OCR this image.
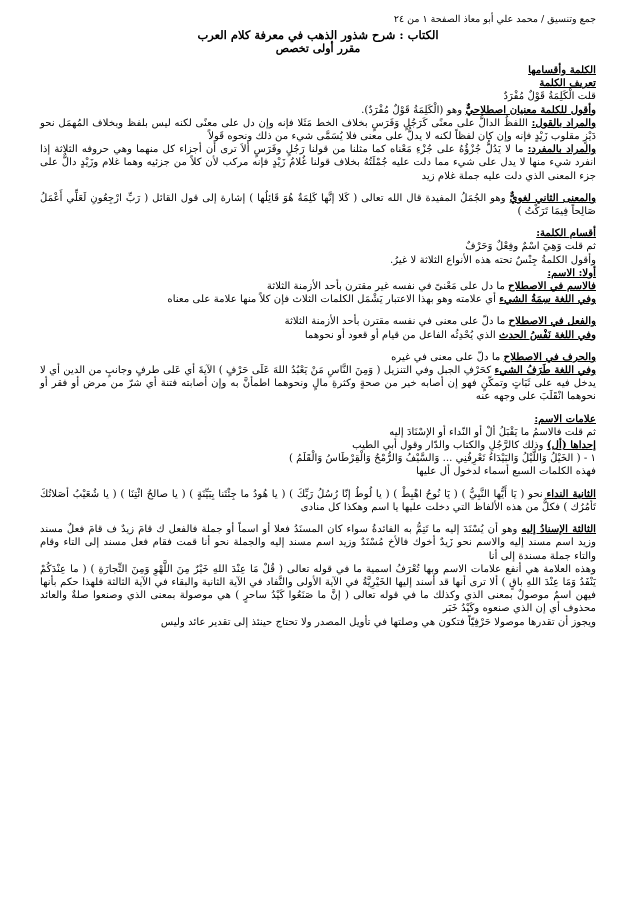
جمع وتنسيق / محمد علي أبو معاذ الصفحة ١ من ٢٤
الكتاب : شرح شذور الذهب في معرفة كلام العرب
مقرر أولى تخصص
الكلمة وأقسامها
تعريف الكلمة
قلت الْكَلِمَةُ قَوْلٌ مُفْرَدٌ
وأقول للكلمة معنيان اصطلاحيٌّ وهو (الْكَلِمَةُ قَوْلٌ مُفْرَدٌ).
والمراد بالقول: اللفظُ الدالُّ على معنًى كَرَجُلٍ وَفَرَسٍ بخلاف الخط مَثَلا فإنه وإن دل على معنًى لكنه ليس بلفظ وبخلاف المُهمَل نحو دَيْزٍ مقلوب زَيْدٍ فإنه وإن كان لفظاً لكنه لا يدلُّ على معنى فلا يُسَمَّى شيء من ذلك ونحوه قَولاً
والمراد بالمفرد: ما لا يَدُلُّ جُزْؤُهُ على جُزْءِ مَعْناه كما مثلنا من قولنا رَجُلٍ وفَرَسٍ ألاَ ترى أن أجزاء كل منهما وهي حروفه الثلاثة إذا انفرد شيء منها لا يدل على شيء مما دلت عليه جُمْلَتُهُ بخلاف قولنا غُلامُ زَيْدٍ فإنه مركب لأن كلاً من جزئيه وهما غلام وزَيْدٍ دالٌّ على جزء المعنى الذي دلت عليه جملة غلام زيد
والمعنى الثاني لغويٌّ وهو الجُمَلُ المفيدة قال الله تعالى ( كَلا إنَّها كَلِمَةٌ هُوَ قَائِلُها ) إشارة إلى قول القائل ( رَبِّ ارْجِعُونِ لَعَلِّي أَعْمَلُ صَالِحاً فِيمَا تَرَكْتُ )
أقسام الكلمة:
ثم قلت وَهِيَ اسْمٌ وفِعْلٌ وَحَرْفٌ
وأقول الكلمةُ جِنْسٌ تحته هذه الأنواع الثلاثة لا غيرُ.
أولا: الاسم:
فالاسم في الاصطلاح ما دل على مَعْنىً في نفسه غير مقترن بأحد الأزمنة الثلاثة
وفي اللغة سِمَةُ الشيء أي علامته وهو بهذا الاعتبار يَشْمَل الكلمات الثلاث فإن كلاً منها علامة على معناه
والفعل في الاصطلاح ما دلّ على معنى في نفسه مقترن بأحد الأزمنة الثلاثة
وفي اللغة نَفْسُ الحدث الذي يُحْدِثُه الفاعل من قيام أو قعود أو نحوهما
والحرف في الاصطلاح ما دلّ على معنى في غيره
وفي اللغة طَرَفُ الشيء كحَرْفِ الجبل وفي التنزيل ( وَمِنَ النَّاسِ مَنْ يَعْبُدُ اللهَ عَلَى حَرْفٍ ) الآيةَ أي عَلى طرفٍ وجانبٍ من الدين أي لا يدخل فيه على ثَبَاتٍ وتمكّنٍ فهو إن أصابه خير من صحةٍ وكثرةِ مالٍ ونحوهما اطمأنَّ به وإن أصابته فتنة أي شرّ من مرض أو فقر أو نحوهما انْقَلَبَ على وجهه عنه
علامات الاسم:
ثم قلت فالاسمُ ما يَقْبَلُ ألْ أو النّداء أو الإسْنَادَ إليه
إحداها (أل) وذلك كالرَّجُلِ والكتاب والدّار وقول أبي الطيب
١ - ( الخَيْلُ وَاللَّيْلُ وَالبَيْدَاءُ تَعْرِفُنِي ... وَالسَّيْفُ وَالرُّمْحُ وَالْقِرْطَاسُ وَالْقَلَمُ )
فهذه الكلمات السبع أسماء لدخول أل عليها
الثانية النداء نحو ( يَا أَيُّها النَّبِيُّ ) ( يَا نُوحُ اهْبِطْ ) ( يا لُوطُ إنّا رُسُلُ رَبِّكَ ) ( يا هُودُ ما جِئْتَنا بِبَيِّنَةٍ ) ( يا صالحُ ائْتِنَا ) ( يا شُعَيْبُ أصَلاتُكَ تَأمُرُك ) فكلٌّ من هذه الألفاظ التي دخلت عليها يا اسم وهكذا كل منادى
الثالثة الإسنادُ إليه وهو أن يُسْنَدَ إليه ما تَتِمُّ به الفائدةُ سواء كان المسنَدُ فعلا أو اسماً أو جملة فالفعل ك قامَ زيدٌ ف قامَ فعلٌ مسند وزيد اسم مسند إليه والاسم نحو زَيدٌ أخوك فالأخ مُسْنَدٌ وزيد اسم مسند إليه والجملة نحو أنا قمت فقام فعل مسند إلى التاء وقام والتاء جملة مسندة إلى أنا
وهذه العلامة هي أنفع علامات الاسم وبها تُعْرَفُ اسمية ما في قوله تعالى ( قُلْ مَا عِنْدَ اللهِ خَيْرٌ مِنَ اللَّهْوِ وَمِنَ التِّجارَةِ ) ( ما عِنْدَكُمْ يَنْفَدُ وَمَا عِنْدَ اللهِ باقٍ ) ألا ترى أنها قد أسند إليها الخَيْرِيَّةُ في الآية الأولى والنَّفاد في الآية الثانية والبقاء في الآية الثالثة فلهذا حكم بأنها فيهن اسمٌ موصولٌ بمعنى الذي وكذلك ما في قوله تعالى ( إنَّ ما صَنَعُوا كَيْدُ ساحرٍ ) هي موصولة بمعنى الذي وصنعوا صلةٌ والعائد محذوف أي إن الذي صنعوه وكَيْدُ خَبَر
ويجوز أن تقدرها موصولا حَرْفِيّاً فتكون هي وصلتها في تأويل المصدر ولا تحتاج حينئذ إلى تقدير عائد وليس
